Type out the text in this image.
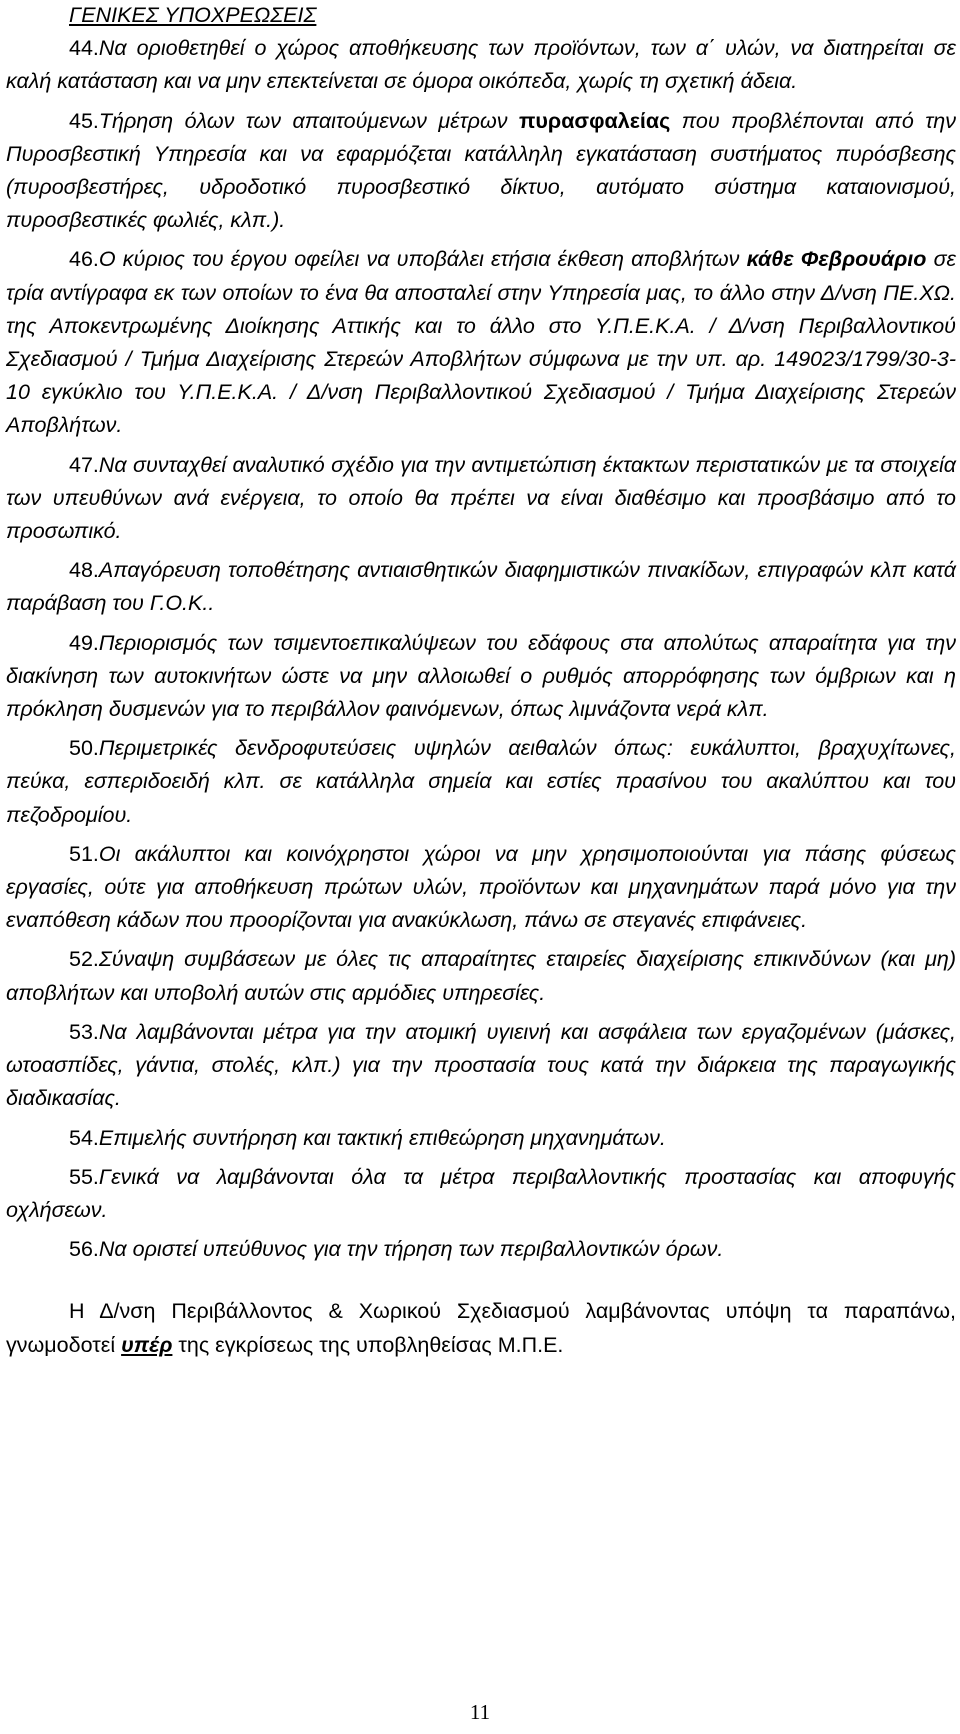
ΓΕΝΙΚΕΣ ΥΠΟΧΡΕΩΣΕΙΣ

44.Να οριοθετηθεί ο χώρος αποθήκευσης των προϊόντων, των α΄ υλών, να διατηρείται σε καλή κατάσταση και να μην επεκτείνεται σε όμορα οικόπεδα, χωρίς τη σχετική άδεια.

45.Τήρηση όλων των απαιτούμενων μέτρων πυρασφαλείας που προβλέπονται από την Πυροσβεστική Υπηρεσία και να εφαρμόζεται κατάλληλη εγκατάσταση συστήματος πυρόσβεσης (πυροσβεστήρες, υδροδοτικό πυροσβεστικό δίκτυο, αυτόματο σύστημα καταιονισμού, πυροσβεστικές φωλιές, κλπ.).

46.Ο κύριος του έργου οφείλει να υποβάλει ετήσια έκθεση αποβλήτων κάθε Φεβρουάριο σε τρία αντίγραφα εκ των οποίων το ένα θα αποσταλεί στην Υπηρεσία μας, το άλλο στην Δ/νση ΠΕ.ΧΩ. της Αποκεντρωμένης Διοίκησης Αττικής και το άλλο στο Υ.Π.Ε.Κ.Α. / Δ/νση Περιβαλλοντικού Σχεδιασμού / Τμήμα Διαχείρισης Στερεών Αποβλήτων σύμφωνα με την υπ. αρ. 149023/1799/30-3-10 εγκύκλιο του Υ.Π.Ε.Κ.Α. / Δ/νση Περιβαλλοντικού Σχεδιασμού / Τμήμα Διαχείρισης Στερεών Αποβλήτων.

47.Να συνταχθεί αναλυτικό σχέδιο για την αντιμετώπιση έκτακτων περιστατικών με τα στοιχεία των υπευθύνων ανά ενέργεια, το οποίο θα πρέπει να είναι διαθέσιμο και προσβάσιμο από το προσωπικό.

48.Απαγόρευση τοποθέτησης αντιαισθητικών διαφημιστικών πινακίδων, επιγραφών κλπ κατά παράβαση του Γ.Ο.Κ..

49.Περιορισμός των τσιμεντοεπικαλύψεων του εδάφους στα απολύτως απαραίτητα για την διακίνηση των αυτοκινήτων ώστε να μην αλλοιωθεί ο ρυθμός απορρόφησης των όμβριων και η πρόκληση δυσμενών για το περιβάλλον φαινόμενων, όπως λιμνάζοντα νερά κλπ.

50.Περιμετρικές δενδροφυτεύσεις υψηλών αειθαλών όπως: ευκάλυπτοι, βραχυχίτωνες, πεύκα, εσπεριδοειδή κλπ. σε κατάλληλα σημεία και εστίες πρασίνου του ακαλύπτου και του πεζοδρομίου.

51.Οι ακάλυπτοι και κοινόχρηστοι χώροι να μην χρησιμοποιούνται για πάσης φύσεως εργασίες, ούτε για αποθήκευση πρώτων υλών, προϊόντων και μηχανημάτων παρά μόνο για την εναπόθεση κάδων που προορίζονται για ανακύκλωση, πάνω σε στεγανές επιφάνειες.

52.Σύναψη συμβάσεων με όλες τις απαραίτητες εταιρείες διαχείρισης επικινδύνων (και μη) αποβλήτων και υποβολή αυτών στις αρμόδιες υπηρεσίες.

53.Να λαμβάνονται μέτρα για την ατομική υγιεινή και ασφάλεια των εργαζομένων (μάσκες, ωτοασπίδες, γάντια, στολές, κλπ.) για την προστασία τους κατά την διάρκεια της παραγωγικής διαδικασίας.

54.Επιμελής συντήρηση και τακτική επιθεώρηση μηχανημάτων.

55.Γενικά να λαμβάνονται όλα τα μέτρα περιβαλλοντικής προστασίας και αποφυγής οχλήσεων.

56.Να οριστεί υπεύθυνος για την τήρηση των περιβαλλοντικών όρων.

Η Δ/νση Περιβάλλοντος & Χωρικού Σχεδιασμού λαμβάνοντας υπόψη τα παραπάνω, γνωμοδοτεί υπέρ της εγκρίσεως της υποβληθείσας Μ.Π.Ε.

11
